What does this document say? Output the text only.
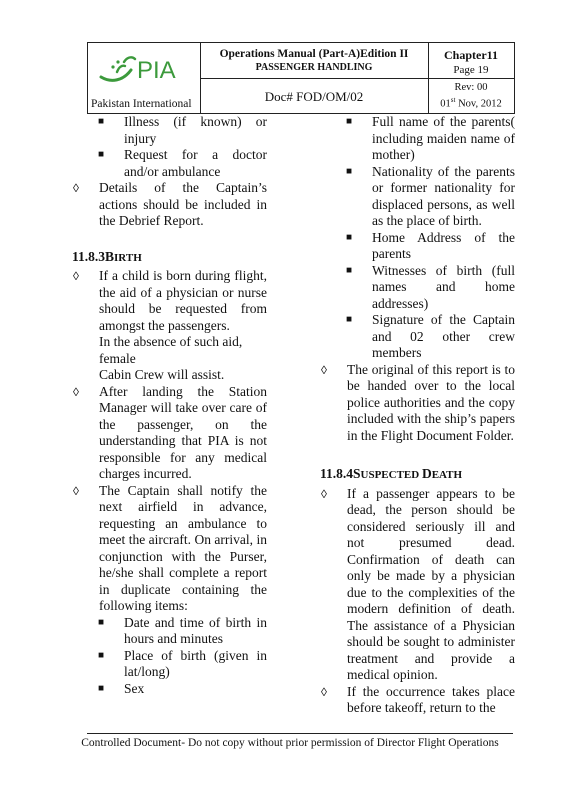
PIA
Pakistan International
Operations Manual (Part-A)Edition II
PASSENGER HANDLING
Doc# FOD/OM/02
Chapter11
Page 19
Rev: 00
01st Nov, 2012
■ Illness (if known) or injury
■ Request for a doctor and/or ambulance
◊ Details of the Captain’s actions should be included in the Debrief Report.
11.8.3BIRTH
◊ If a child is born during flight, the aid of a physician or nurse should be requested from amongst the passengers.
In the absence of such aid, female
Cabin Crew will assist.
◊ After landing the Station Manager will take over care of the passenger, on the understanding that PIA is not responsible for any medical charges incurred.
◊ The Captain shall notify the next airfield in advance, requesting an ambulance to meet the aircraft. On arrival, in conjunction with the Purser, he/she shall complete a report in duplicate containing the following items:
■ Date and time of birth in hours and minutes
■ Place of birth (given in lat/long)
■ Sex
■ Full name of the parents( including maiden name of mother)
■ Nationality of the parents or former nationality for displaced persons, as well as the place of birth.
■ Home Address of the parents
■ Witnesses of birth (full names and home addresses)
■ Signature of the Captain and 02 other crew members
◊ The original of this report is to be handed over to the local police authorities and the copy included with the ship’s papers in the Flight Document Folder.
11.8.4SUSPECTED DEATH
◊ If a passenger appears to be dead, the person should be considered seriously ill and not presumed dead. Confirmation of death can only be made by a physician due to the complexities of the modern definition of death. The assistance of a Physician should be sought to administer treatment and provide a medical opinion.
◊ If the occurrence takes place before takeoff, return to the
Controlled Document- Do not copy without prior permission of Director Flight Operations
